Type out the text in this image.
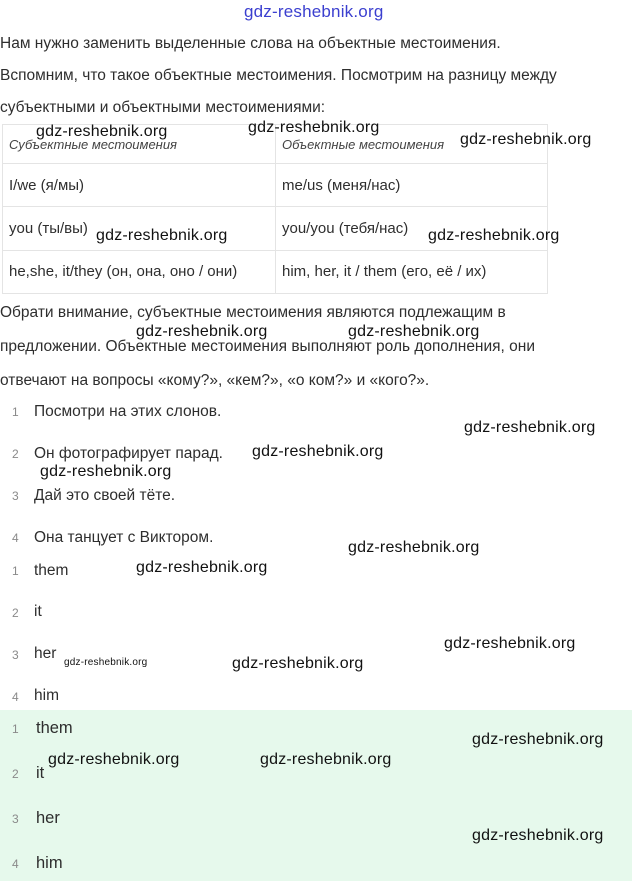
gdz-reshebnik.org
Нам нужно заменить выделенные слова на объектные местоимения.
Вспомним, что такое объектные местоимения. Посмотрим на разницу между
субъектными и объектными местоимениями:
Субъектные местоимения	Объектные местоимения
I/we (я/мы)	me/us (меня/нас)
you (ты/вы)	you/you (тебя/нас)
he,she, it/they (он, она, оно / они)	him, her, it / them (его, её / их)
Обрати внимание, субъектные местоимения являются подлежащим в
предложении. Объектные местоимения выполняют роль дополнения, они
отвечают на вопросы «кому?», «кем?», «о ком?» и «кого?».
1 Посмотри на этих слонов.
2 Он фотографирует парад.
3 Дай это своей тёте.
4 Она танцует с Виктором.
1 them
2 it
3 her
4 him
1 them
2 it
3 her
4 him
gdz-reshebnik.org	gdz-reshebnik.org
gdz-reshebnik.org
gdz-reshebnik.org	gdz-reshebnik.org
gdz-reshebnik.org	gdz-reshebnik.org
gdz-reshebnik.org
gdz-reshebnik.org
gdz-reshebnik.org
gdz-reshebnik.org
gdz-reshebnik.org
gdz-reshebnik.org
gdz-reshebnik.org	gdz-reshebnik.org
gdz-reshebnik.org
gdz-reshebnik.org	gdz-reshebnik.org
gdz-reshebnik.org
